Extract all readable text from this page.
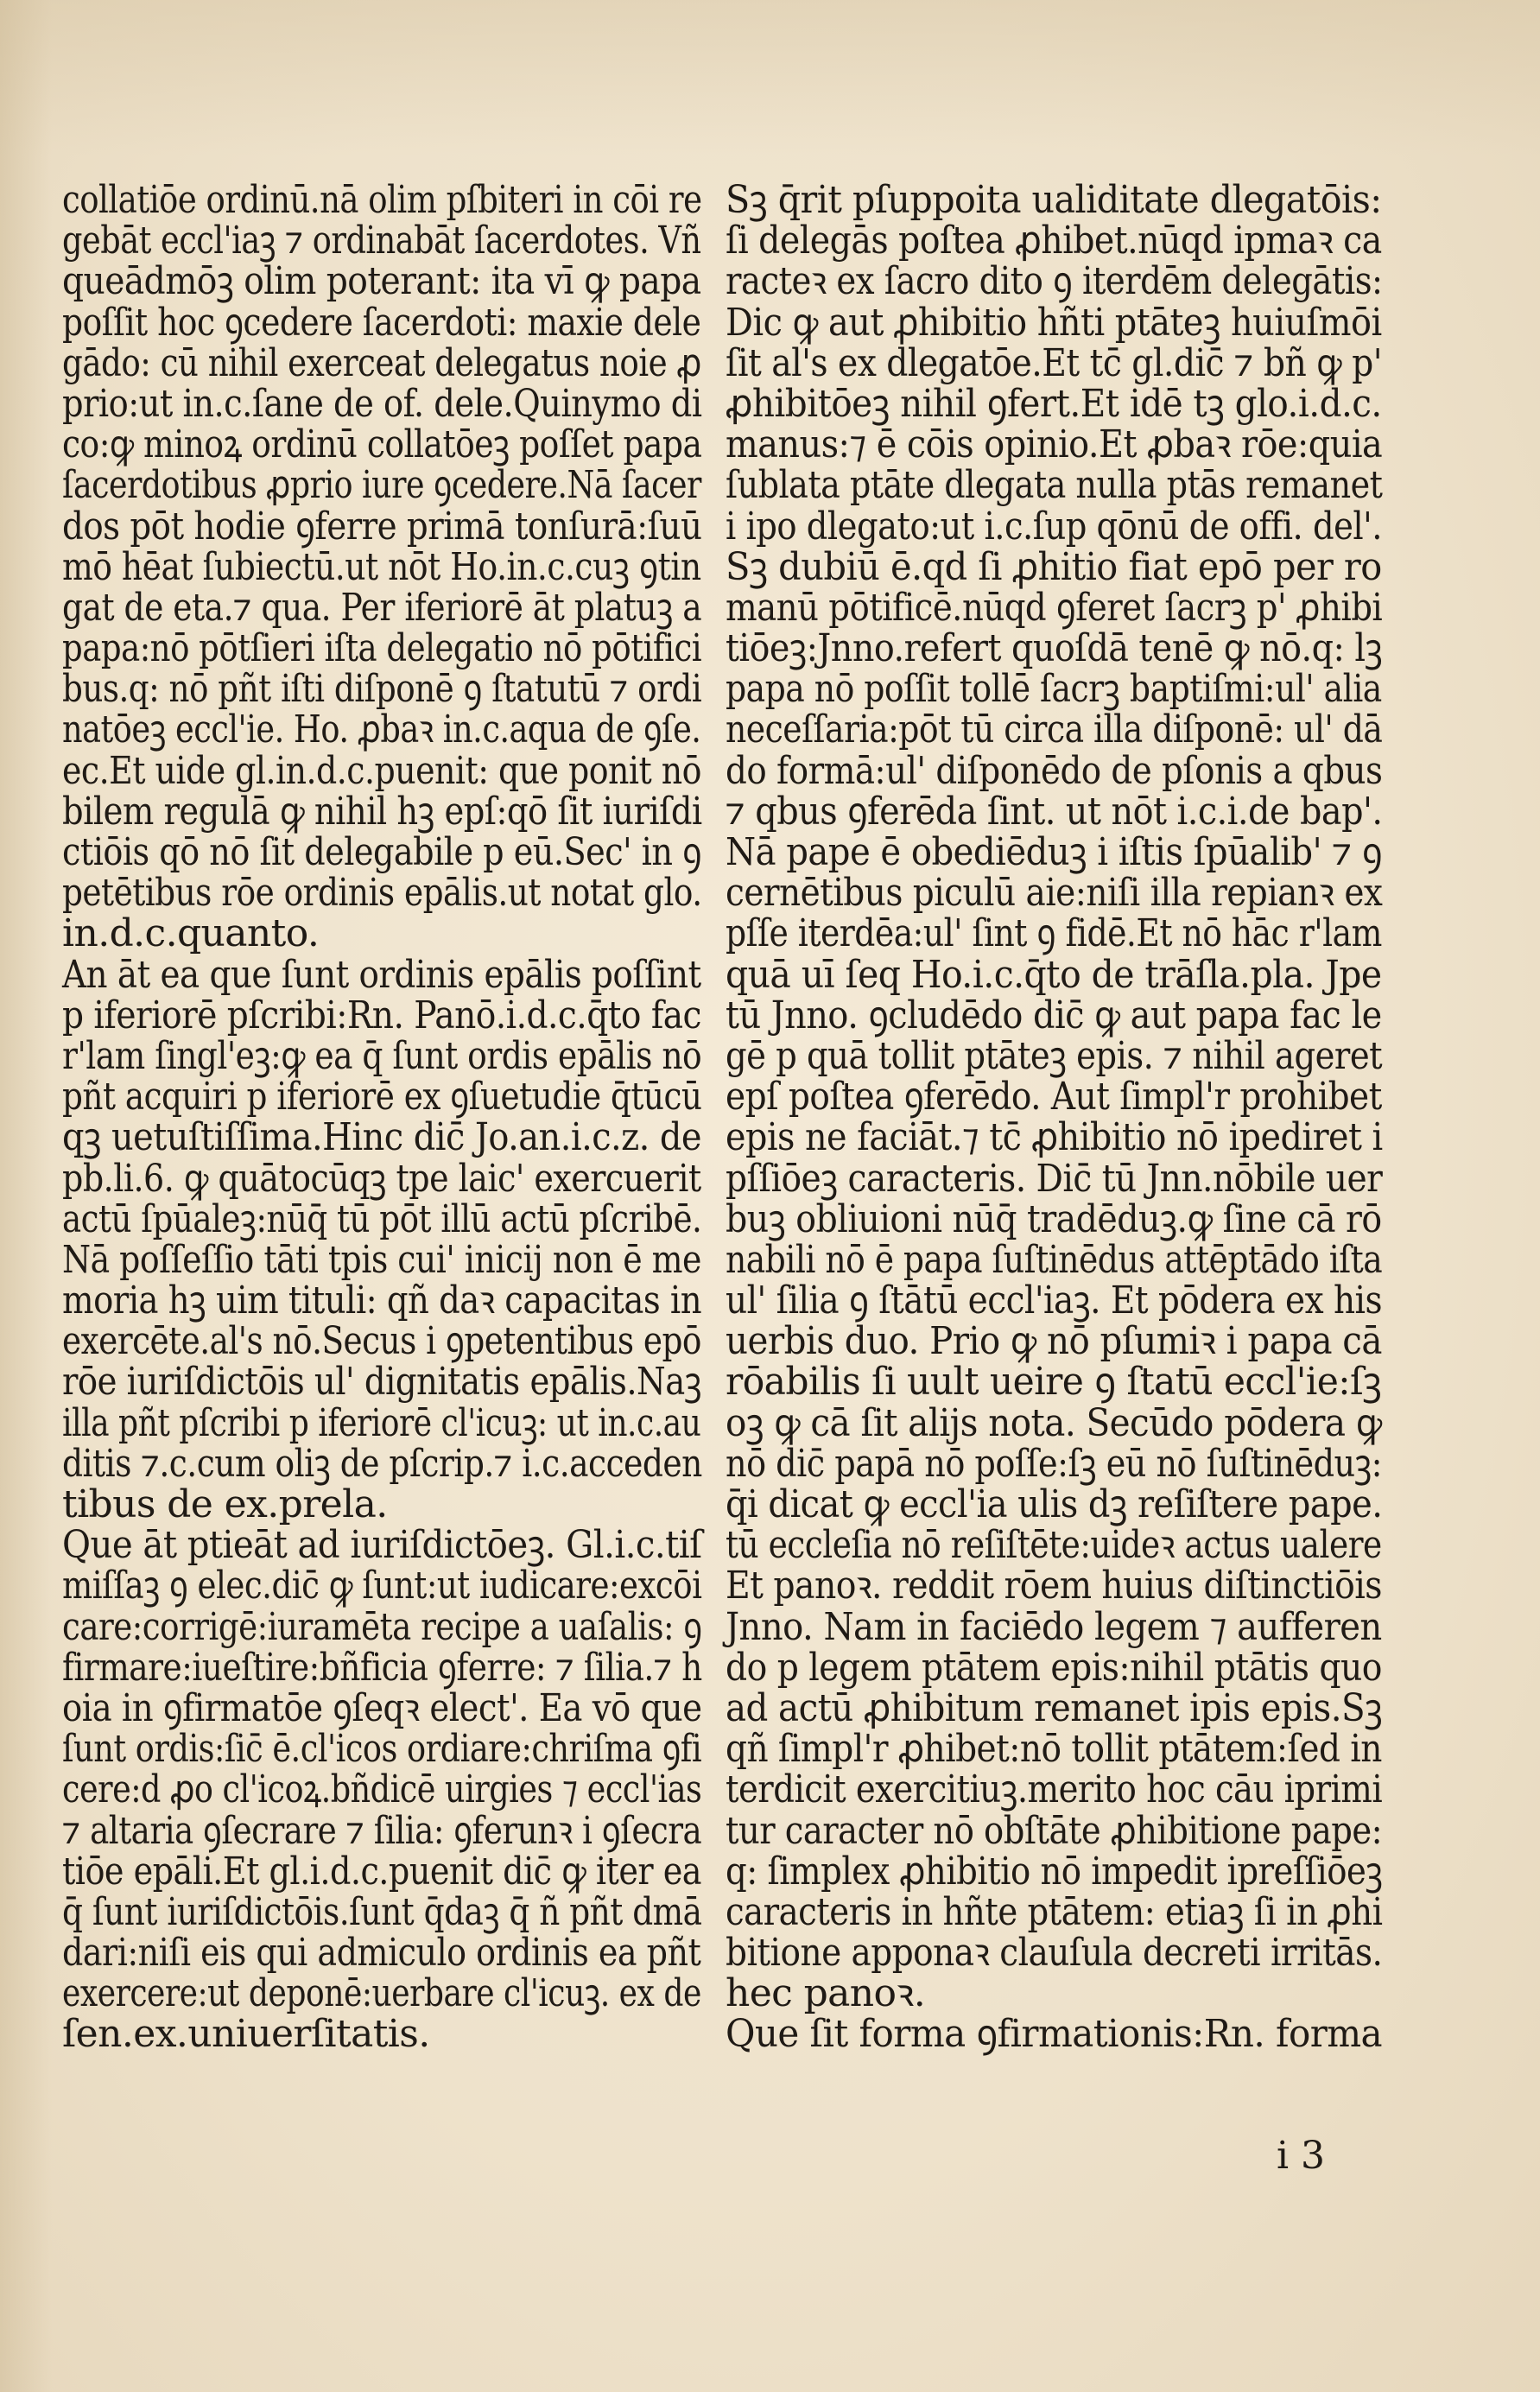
collatiōe ordinū.nā olim pſbiteri in cōi re
gebāt eccl'iaꝫ ⁊ ordinabāt ſacerdotes. Vñ
queādmōꝫ olim poterant: ita vī ꝙ papa
poſſit hoc ꝯcedere ſacerdoti: maxie dele
gādo: cū nihil exerceat delegatus noie ꝓ
prio:ut in.c.ſane de of. dele.Quinymo di
co:ꝙ minoꝝ ordinū collatōeꝫ poſſet papa
ſacerdotibus ꝓprio iure ꝯcedere.Nā ſacer
dos pōt hodie ꝯferre primā tonſurā:ſuū
mō hēat ſubiectū.ut nōt Ho.in.c.cuꝫ ꝯtin
gat de eta.⁊ qua. Per iferiorē āt platuꝫ a
papa:nō pōtſieri iſta delegatio nō pōtifici
bus.q: nō pñt iſti diſponē ꝯ ſtatutū ⁊ ordi
natōeꝫ eccl'ie. Ho. ꝓbaꝛ in.c.aqua de ꝯſe.
ec.Et uide gl.in.d.c.puenit: que ponit nō
bilem regulā ꝙ nihil hꝫ epſ:qō ſit iuriſdi
ctiōis qō nō ſit delegabile p eū.Sec' in ꝯ
petētibus rōe ordinis epālis.ut notat glo.
in.d.c.quanto.
An āt ea que ſunt ordinis epālis poſſint
p iferiorē pſcribi:Rn. Panō.i.d.c.q̄to fac
r'lam ſingl'eꝫ:ꝙ ea q̄ ſunt ordis epālis nō
pñt acquiri p iferiorē ex ꝯſuetudie q̄tūcū
qꝫ uetuſtiſſima.Hinc dic̄ Jo.an.i.c.z. de
pb.li.6. ꝙ quātocūqꝫ tpe laic' exercuerit
actū ſpūaleꝫ:nūq̄ tū pōt illū actū pſcribē.
Nā poſſeſſio tāti tpis cui' inicij non ē me
moria hꝫ uim tituli: qñ daꝛ capacitas in
exercēte.al's nō.Secus i ꝯpetentibus epō
rōe iuriſdictōis ul' dignitatis epālis.Naꝫ
illa pñt pſcribi p iferiorē cl'icuꝫ: ut in.c.au
ditis ⁊.c.cum oliꝫ de pſcrip.⁊ i.c.acceden
tibus de ex.prela.
Que āt ptieāt ad iuriſdictōeꝫ. Gl.i.c.tiſ
miſſaꝫ ꝯ elec.dic̄ ꝙ ſunt:ut iudicare:excōi
care:corrigē:iuramēta recipe a uaſalis: ꝯ
firmare:iueſtire:bñficia ꝯferre: ⁊ ſilia.⁊ h
oia in ꝯfirmatōe ꝯſeqꝛ elect'. Ea vō que
ſunt ordis:ſic̄ ē.cl'icos ordiare:chriſma ꝯfi
cere:d ꝓo cl'icoꝝ.bñdicē uirgies ⁊ eccl'ias
⁊ altaria ꝯſecrare ⁊ ſilia: ꝯferunꝛ i ꝯſecra
tiōe epāli.Et gl.i.d.c.puenit dic̄ ꝙ iter ea
q̄ ſunt iuriſdictōis.ſunt q̄daꝫ q̄ ñ pñt dmā
dari:niſi eis qui admiculo ordinis ea pñt
exercere:ut deponē:uerbare cl'icuꝫ. ex de
ſen.ex.uniuerſitatis.
Sꝫ q̄rit pſuppoita ualiditate dlegatōis:
ſi delegās poſtea ꝓhibet.nūqd ipmaꝛ ca
racteꝛ ex ſacro dito ꝯ iterdēm delegātis:
Dic ꝙ aut ꝓhibitio hñti ptāteꝫ huiuſmōi
ſit al's ex dlegatōe.Et tc̄ gl.dic̄ ⁊ bñ ꝙ p'
ꝓhibitōeꝫ nihil ꝯfert.Et idē tꝫ glo.i.d.c.
manus:⁊ ē cōis opinio.Et ꝓbaꝛ rōe:quia
ſublata ptāte dlegata nulla ptās remanet
i ipo dlegato:ut i.c.ſup qōnū de offi. del'.
Sꝫ dubiū ē.qd ſi ꝓhitio fiat epō per ro
manū pōtificē.nūqd ꝯferet ſacrꝫ p' ꝓhibi
tiōeꝫ:Jnno.refert quoſdā tenē ꝙ nō.q: lꝫ
papa nō poſſit tollē ſacrꝫ baptiſmi:ul' alia
neceſſaria:pōt tū circa illa diſponē: ul' dā
do formā:ul' diſponēdo de pſonis a qbus
⁊ qbus ꝯferēda ſint. ut nōt i.c.i.de bap'.
Nā pape ē obediēduꝫ i iſtis ſpūalib' ⁊ ꝯ
cernētibus piculū aie:niſi illa repianꝛ ex
pſſe iterdēa:ul' ſint ꝯ fidē.Et nō hāc r'lam
quā uī ſeq Ho.i.c.q̄to de trāſla.pla. Jpe
tū Jnno. ꝯcludēdo dic̄ ꝙ aut papa fac le
gē p quā tollit ptāteꝫ epis. ⁊ nihil ageret
epſ poſtea ꝯferēdo. Aut ſimpl'r prohibet
epis ne faciāt.⁊ tc̄ ꝓhibitio nō ipediret i
pſſiōeꝫ caracteris. Dic̄ tū Jnn.nōbile uer
buꝫ obliuioni nūq̄ tradēduꝫ.ꝙ ſine cā rō
nabili nō ē papa ſuſtinēdus attēptādo iſta
ul' ſilia ꝯ ſtātū eccl'iaꝫ. Et pōdera ex his
uerbis duo. Prio ꝙ nō pſumiꝛ i papa cā
rōabilis ſi uult ueire ꝯ ſtatū eccl'ie:ſꝫ
oꝫ ꝙ cā ſit alijs nota. Secūdo pōdera ꝙ
nō dic̄ papā nō poſſe:ſꝫ eū nō ſuſtinēduꝫ:
q̄i dicat ꝙ eccl'ia ulis dꝫ reſiſtere pape.
tū eccleſia nō reſiſtēte:uideꝛ actus ualere
Et panoꝛ. reddit rōem huius diſtinctiōis
Jnno. Nam in faciēdo legem ⁊ aufferen
do p legem ptātem epis:nihil ptātis quo
ad actū ꝓhibitum remanet ipis epis.Sꝫ
qñ ſimpl'r ꝓhibet:nō tollit ptātem:ſed in
terdicit exercitiuꝫ.merito hoc cāu iprimi
tur caracter nō obſtāte ꝓhibitione pape:
q: ſimplex ꝓhibitio nō impedit ipreſſiōeꝫ
caracteris in hñte ptātem: etiaꝫ ſi in ꝓhi
bitione apponaꝛ clauſula decreti irritās.
hec panoꝛ.
Que ſit forma ꝯfirmationis:Rn. forma
i 3
